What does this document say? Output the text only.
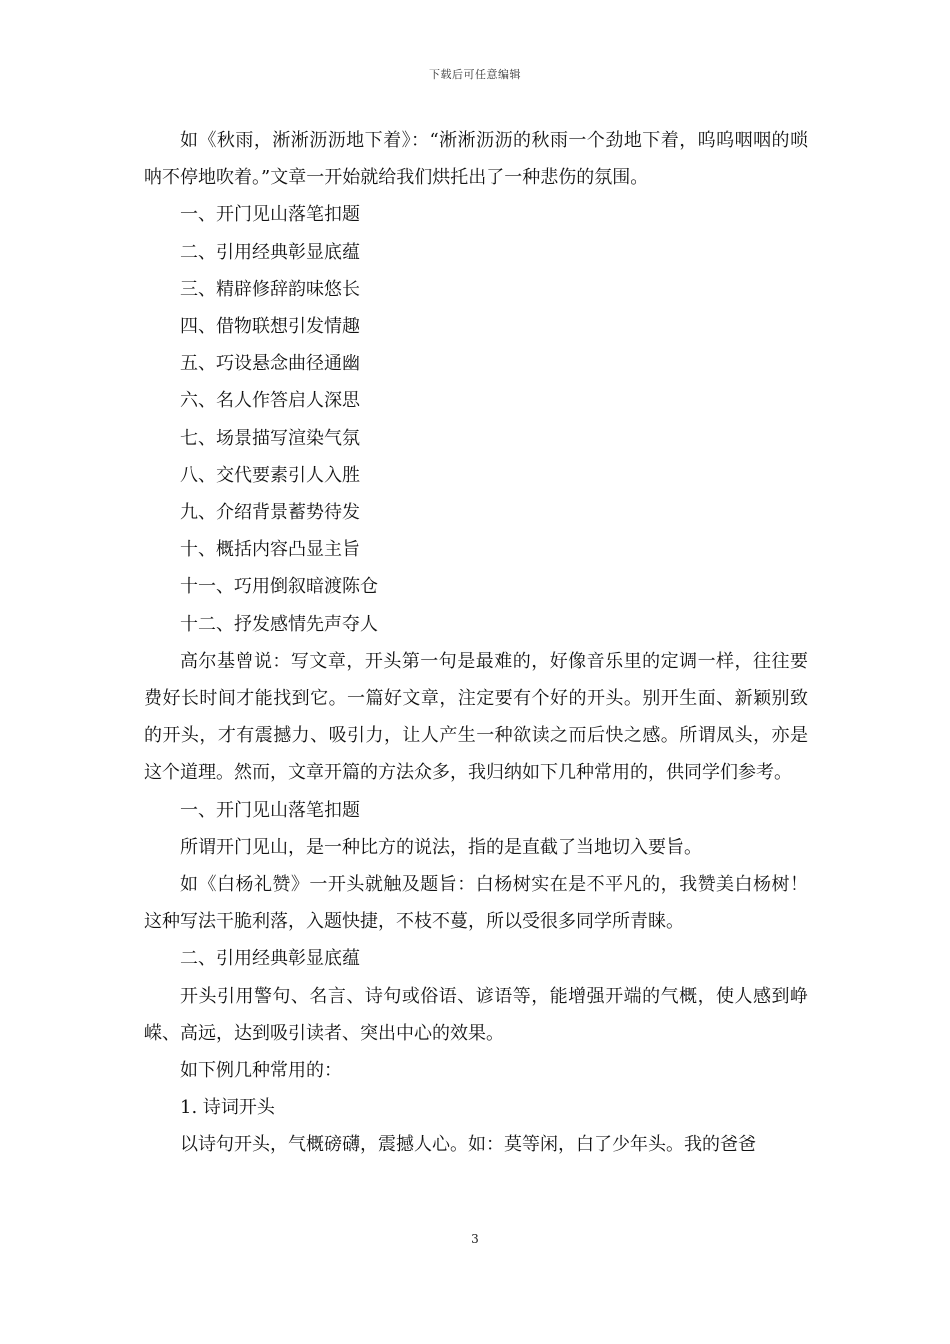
下载后可任意编辑

如《秋雨，淅淅沥沥地下着》：“淅淅沥沥的秋雨一个劲地下着，呜呜咽咽的唢呐不停地吹着。”文章一开始就给我们烘托出了一种悲伤的氛围。

一、开门见山落笔扣题

二、引用经典彰显底蕴

三、精辟修辞韵味悠长

四、借物联想引发情趣

五、巧设悬念曲径通幽

六、名人作答启人深思

七、场景描写渲染气氛

八、交代要素引人入胜

九、介绍背景蓄势待发

十、概括内容凸显主旨

十一、巧用倒叙暗渡陈仓

十二、抒发感情先声夺人

高尔基曾说：写文章，开头第一句是最难的，好像音乐里的定调一样，往往要费好长时间才能找到它。一篇好文章，注定要有个好的开头。别开生面、新颖别致的开头，才有震撼力、吸引力，让人产生一种欲读之而后快之感。所谓凤头，亦是这个道理。然而，文章开篇的方法众多，我归纳如下几种常用的，供同学们参考。

一、开门见山落笔扣题

所谓开门见山，是一种比方的说法，指的是直截了当地切入要旨。

如《白杨礼赞》一开头就触及题旨：白杨树实在是不平凡的，我赞美白杨树！这种写法干脆利落，入题快捷，不枝不蔓，所以受很多同学所青睐。

二、引用经典彰显底蕴

开头引用警句、名言、诗句或俗语、谚语等，能增强开端的气概，使人感到峥嵘、高远，达到吸引读者、突出中心的效果。

如下例几种常用的：

1. 诗词开头

以诗句开头，气概磅礴，震撼人心。如：莫等闲，白了少年头。我的爸爸

3
